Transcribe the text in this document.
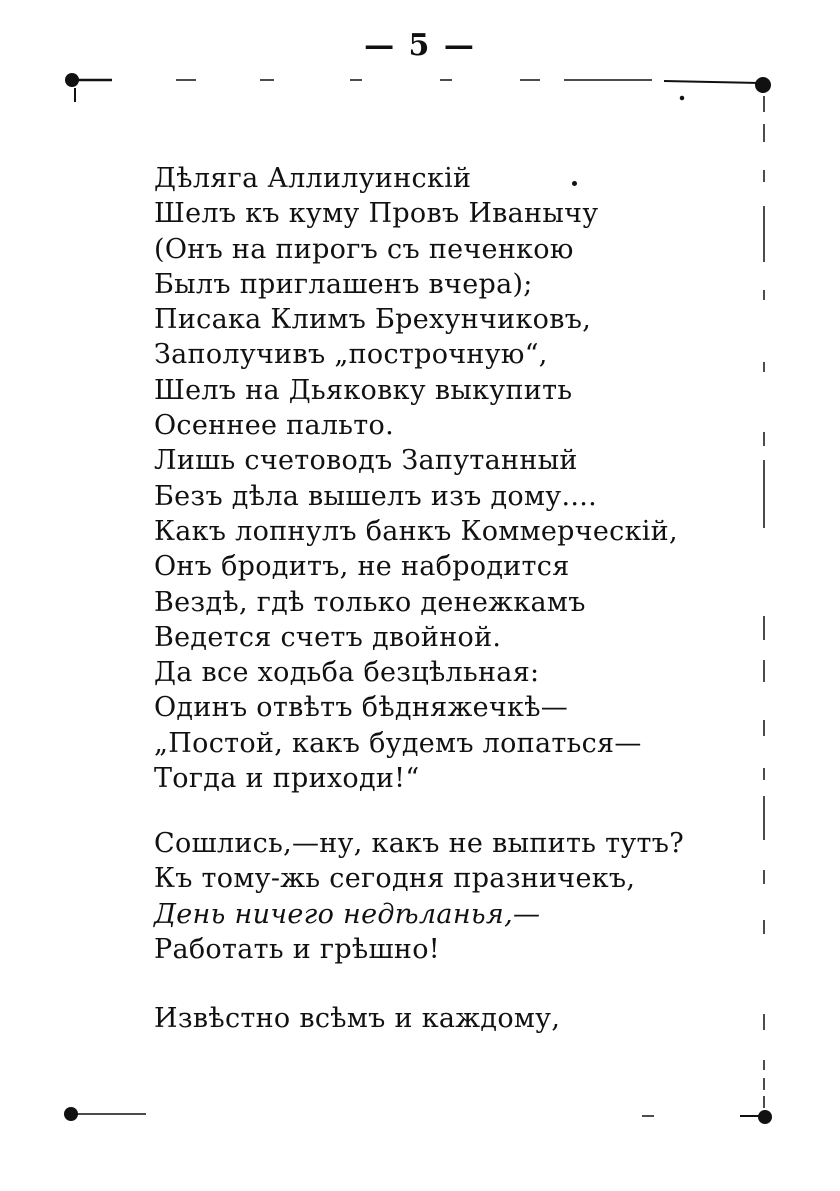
— 5 —
Дѣляга Аллилуинскій
Шелъ къ куму Провъ Иванычу
(Онъ на пирогъ съ печенкою
Былъ приглашенъ вчера);
Писака Климъ Брехунчиковъ,
Заполучивъ „построчную“,
Шелъ на Дьяковку выкупить
Осеннее пальто.
Лишь счетоводъ Запутанный
Безъ дѣла вышелъ изъ дому....
Какъ лопнулъ банкъ Коммерческій,
Онъ бродитъ, не набродится
Вездѣ, гдѣ только денежкамъ
Ведется счетъ двойной.
Да все ходьба безцѣльная:
Одинъ отвѣтъ бѣдняжечкѣ—
„Постой, какъ будемъ лопаться—
Тогда и приходи!“
Сошлись,—ну, какъ не выпить тутъ?
Къ тому-жь сегодня празничекъ,
День ничего недѣланья,—
Работать и грѣшно!
Извѣстно всѣмъ и каждому,
